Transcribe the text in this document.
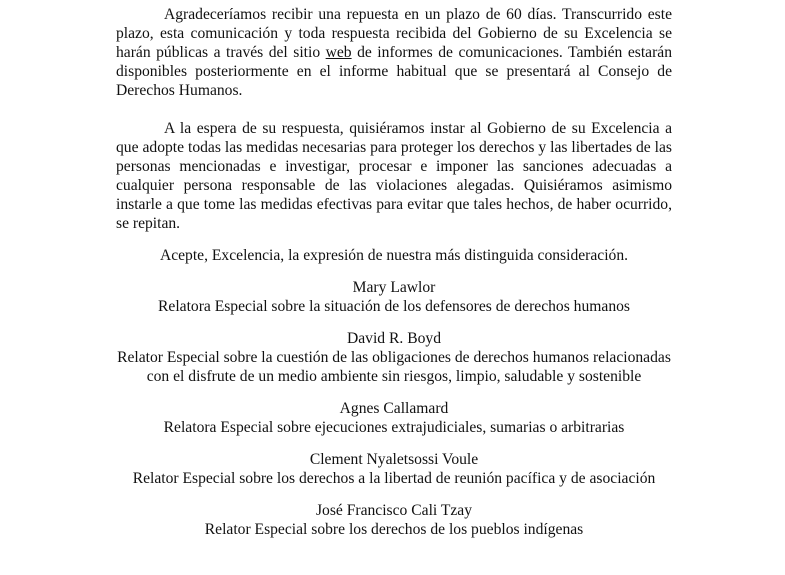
Agradeceríamos recibir una repuesta en un plazo de 60 días. Transcurrido este plazo, esta comunicación y toda respuesta recibida del Gobierno de su Excelencia se harán públicas a través del sitio web de informes de comunicaciones. También estarán disponibles posteriormente en el informe habitual que se presentará al Consejo de Derechos Humanos.

A la espera de su respuesta, quisiéramos instar al Gobierno de su Excelencia a que adopte todas las medidas necesarias para proteger los derechos y las libertades de las personas mencionadas e investigar, procesar e imponer las sanciones adecuadas a cualquier persona responsable de las violaciones alegadas. Quisiéramos asimismo instarle a que tome las medidas efectivas para evitar que tales hechos, de haber ocurrido, se repitan.

Acepte, Excelencia, la expresión de nuestra más distinguida consideración.

Mary Lawlor
Relatora Especial sobre la situación de los defensores de derechos humanos
David R. Boyd
Relator Especial sobre la cuestión de las obligaciones de derechos humanos relacionadas con el disfrute de un medio ambiente sin riesgos, limpio, saludable y sostenible
Agnes Callamard
Relatora Especial sobre ejecuciones extrajudiciales, sumarias o arbitrarias
Clement Nyaletsossi Voule
Relator Especial sobre los derechos a la libertad de reunión pacífica y de asociación
José Francisco Cali Tzay
Relator Especial sobre los derechos de los pueblos indígenas
